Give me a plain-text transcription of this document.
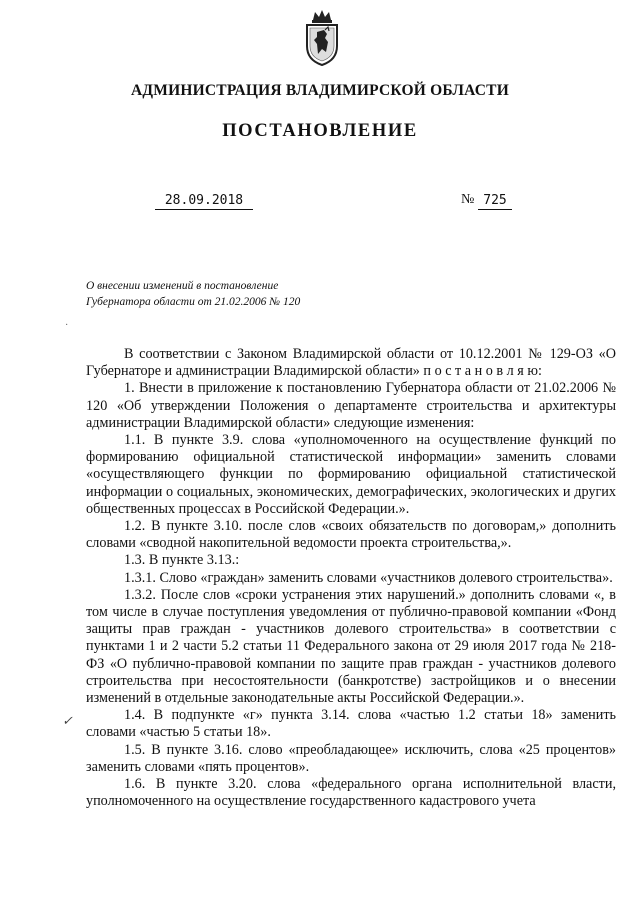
АДМИНИСТРАЦИЯ ВЛАДИМИРСКОЙ ОБЛАСТИ
ПОСТАНОВЛЕНИЕ
28.09.2018	№ 725
О внесении изменений в постановление
Губернатора области от 21.02.2006 № 120
·
✓

В соответствии с Законом Владимирской области от 10.12.2001 № 129-ОЗ «О Губернаторе и администрации Владимирской области» п о с т а н о в л я ю:

1. Внести в приложение к постановлению Губернатора области от 21.02.2006 № 120 «Об утверждении Положения о департаменте строительства и архитектуры администрации Владимирской области» следующие изменения:

1.1. В пункте 3.9. слова «уполномоченного на осуществление функций по формированию официальной статистической информации» заменить словами «осуществляющего функции по формированию официальной статистической информации о социальных, экономических, демографических, экологических и других общественных процессах в Российской Федерации.».

1.2. В пункте 3.10. после слов «своих обязательств по договорам,» дополнить словами «сводной накопительной ведомости проекта строительства,».

1.3. В пункте 3.13.:

1.3.1. Слово «граждан» заменить словами «участников долевого строительства».

1.3.2. После слов «сроки устранения этих нарушений.» дополнить словами «, в том числе в случае поступления уведомления от публично-правовой компании «Фонд защиты прав граждан - участников долевого строительства» в соответствии с пунктами 1 и 2 части 5.2 статьи 11 Федерального закона от 29 июля 2017 года № 218-ФЗ «О публично-правовой компании по защите прав граждан - участников долевого строительства при несостоятельности (банкротстве) застройщиков и о внесении изменений в отдельные законодательные акты Российской Федерации.».

1.4. В подпункте «г» пункта 3.14. слова «частью 1.2 статьи 18» заменить словами «частью 5 статьи 18».

1.5. В пункте 3.16. слово «преобладающее» исключить, слова «25 процентов» заменить словами «пять процентов».

1.6. В пункте 3.20. слова «федерального органа исполнительной власти, уполномоченного на осуществление государственного кадастрового учета
